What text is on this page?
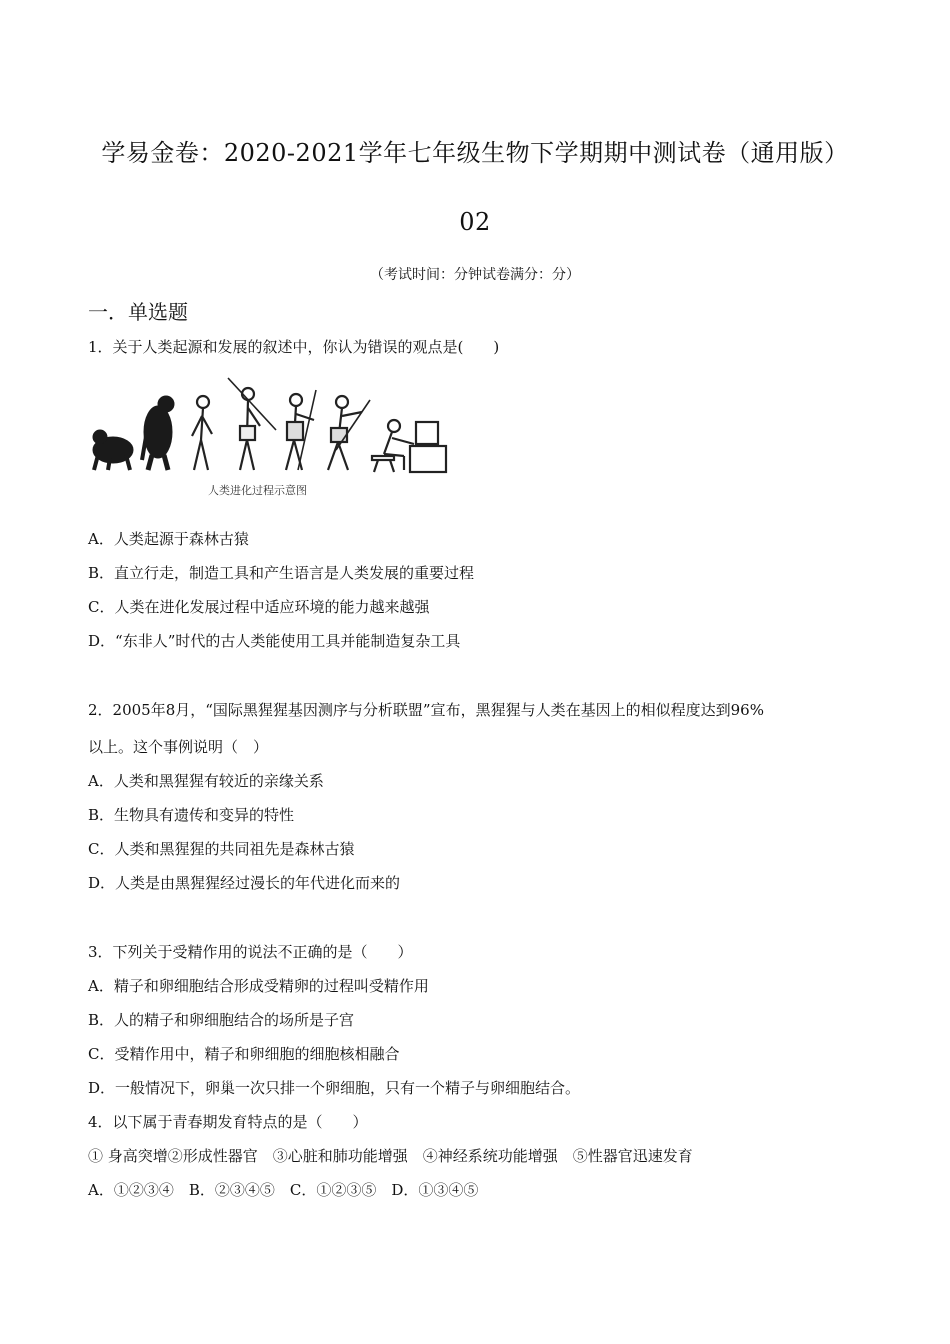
学易金卷：2020-2021学年七年级生物下学期期中测试卷（通用版）
02
（考试时间：分钟试卷满分：分）
一．单选题
1．关于人类起源和发展的叙述中，你认为错误的观点是(　　)
人类进化过程示意图
A．人类起源于森林古猿
B．直立行走，制造工具和产生语言是人类发展的重要过程
C．人类在进化发展过程中适应环境的能力越来越强
D．“东非人”时代的古人类能使用工具并能制造复杂工具
2．2005年8月，“国际黑猩猩基因测序与分析联盟”宣布，黑猩猩与人类在基因上的相似程度达到96%
以上。这个事例说明（　）
A．人类和黑猩猩有较近的亲缘关系
B．生物具有遗传和变异的特性
C．人类和黑猩猩的共同祖先是森林古猿
D．人类是由黑猩猩经过漫长的年代进化而来的
3．下列关于受精作用的说法不正确的是（　　）
A．精子和卵细胞结合形成受精卵的过程叫受精作用
B．人的精子和卵细胞结合的场所是子宫
C．受精作用中，精子和卵细胞的细胞核相融合
D．一般情况下，卵巢一次只排一个卵细胞，只有一个精子与卵细胞结合。
4．以下属于青春期发育特点的是（　　）
① 身高突增②形成性器官　③心脏和肺功能增强　④神经系统功能增强　⑤性器官迅速发育
A．①②③④　B．②③④⑤　C．①②③⑤　D．①③④⑤
